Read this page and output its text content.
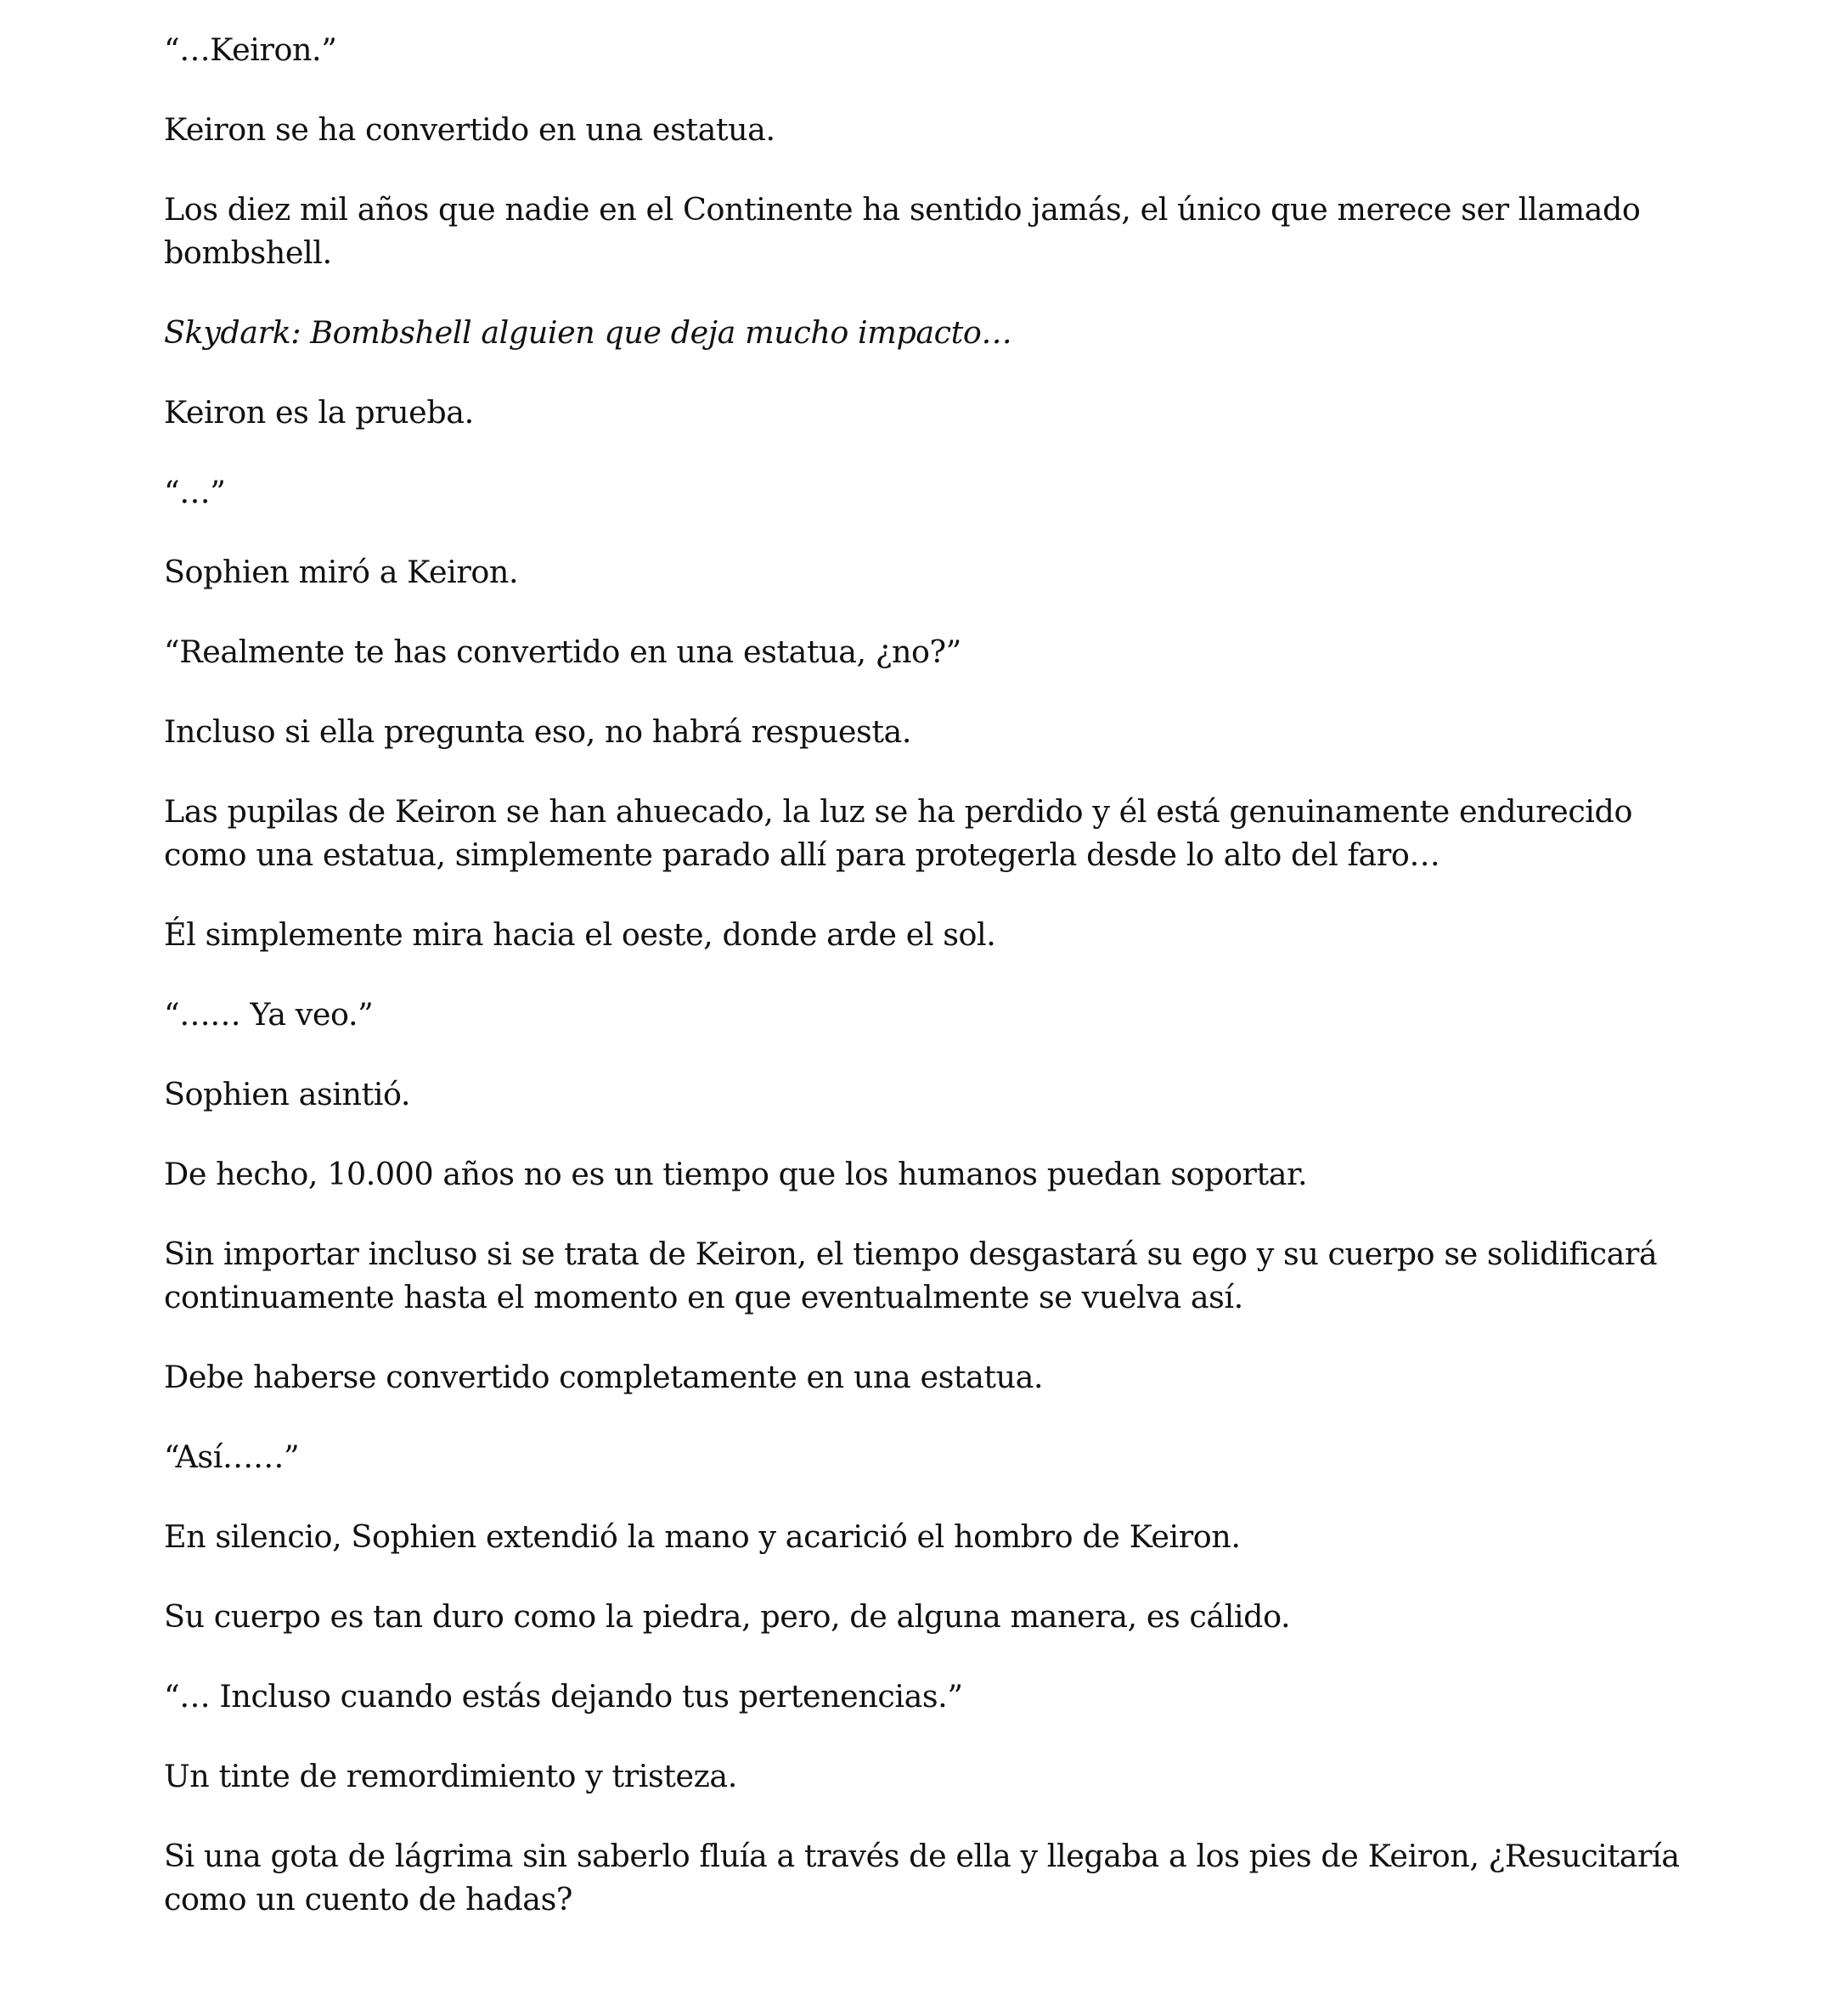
“…Keiron.”

Keiron se ha convertido en una estatua.

Los diez mil años que nadie en el Continente ha sentido jamás, el único que merece ser llamado bombshell.

Skydark: Bombshell alguien que deja mucho impacto…

Keiron es la prueba.

“…”

Sophien miró a Keiron.

“Realmente te has convertido en una estatua, ¿no?”

Incluso si ella pregunta eso, no habrá respuesta.

Las pupilas de Keiron se han ahuecado, la luz se ha perdido y él está genuinamente endurecido como una estatua, simplemente parado allí para protegerla desde lo alto del faro…

Él simplemente mira hacia el oeste, donde arde el sol.

“…… Ya veo.”

Sophien asintió.

De hecho, 10.000 años no es un tiempo que los humanos puedan soportar.

Sin importar incluso si se trata de Keiron, el tiempo desgastará su ego y su cuerpo se solidificará continuamente hasta el momento en que eventualmente se vuelva así.

Debe haberse convertido completamente en una estatua.

“Así……”

En silencio, Sophien extendió la mano y acarició el hombro de Keiron.

Su cuerpo es tan duro como la piedra, pero, de alguna manera, es cálido.

“… Incluso cuando estás dejando tus pertenencias.”

Un tinte de remordimiento y tristeza.

Si una gota de lágrima sin saberlo fluía a través de ella y llegaba a los pies de Keiron, ¿Resucitaría como un cuento de hadas?
